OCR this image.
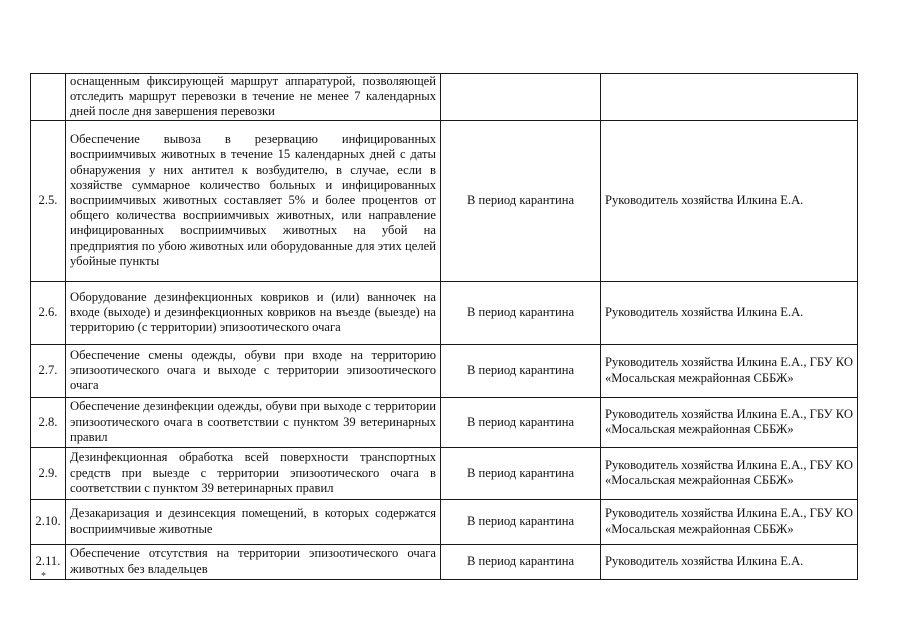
	оснащенным фиксирующей маршрут аппаратурой, позволяющей отследить маршрут перевозки в течение не менее 7 календарных дней после дня завершения перевозки		
2.5.	Обеспечение вывоза в резервацию инфицированных восприимчивых животных в течение 15 календарных дней с даты обнаружения у них антител к возбудителю, в случае, если в хозяйстве суммарное количество больных и инфицированных восприимчивых животных составляет 5% и более процентов от общего количества восприимчивых животных, или направление инфицированных восприимчивых животных на убой на предприятия по убою животных или оборудованные для этих целей убойные пункты	В период карантина	Руководитель хозяйства Илкина Е.А.
2.6.	Оборудование дезинфекционных ковриков и (или) ванночек на входе (выходе) и дезинфекционных ковриков на въезде (выезде) на территорию (с территории) эпизоотического очага	В период карантина	Руководитель хозяйства Илкина Е.А.
2.7.	Обеспечение смены одежды, обуви при входе на территорию эпизоотического очага и выходе с территории эпизоотического очага	В период карантина	Руководитель хозяйства Илкина Е.А., ГБУ КО «Мосальская межрайонная СББЖ»
2.8.	Обеспечение дезинфекции одежды, обуви при выходе с территории эпизоотического очага в соответствии с пунктом 39 ветеринарных правил	В период карантина	Руководитель хозяйства Илкина Е.А., ГБУ КО «Мосальская межрайонная СББЖ»
2.9.	Дезинфекционная обработка всей поверхности транспортных средств при выезде с территории эпизоотического очага в соответствии с пунктом 39 ветеринарных правил	В период карантина	Руководитель хозяйства Илкина Е.А., ГБУ КО «Мосальская межрайонная СББЖ»
2.10.	Дезакаризация и дезинсекция помещений, в которых содержатся восприимчивые животные	В период карантина	Руководитель хозяйства Илкина Е.А., ГБУ КО «Мосальская межрайонная СББЖ»
2.11.	Обеспечение отсутствия на территории эпизоотического очага животных без владельцев	В период карантина	Руководитель хозяйства Илкина Е.А.
*
